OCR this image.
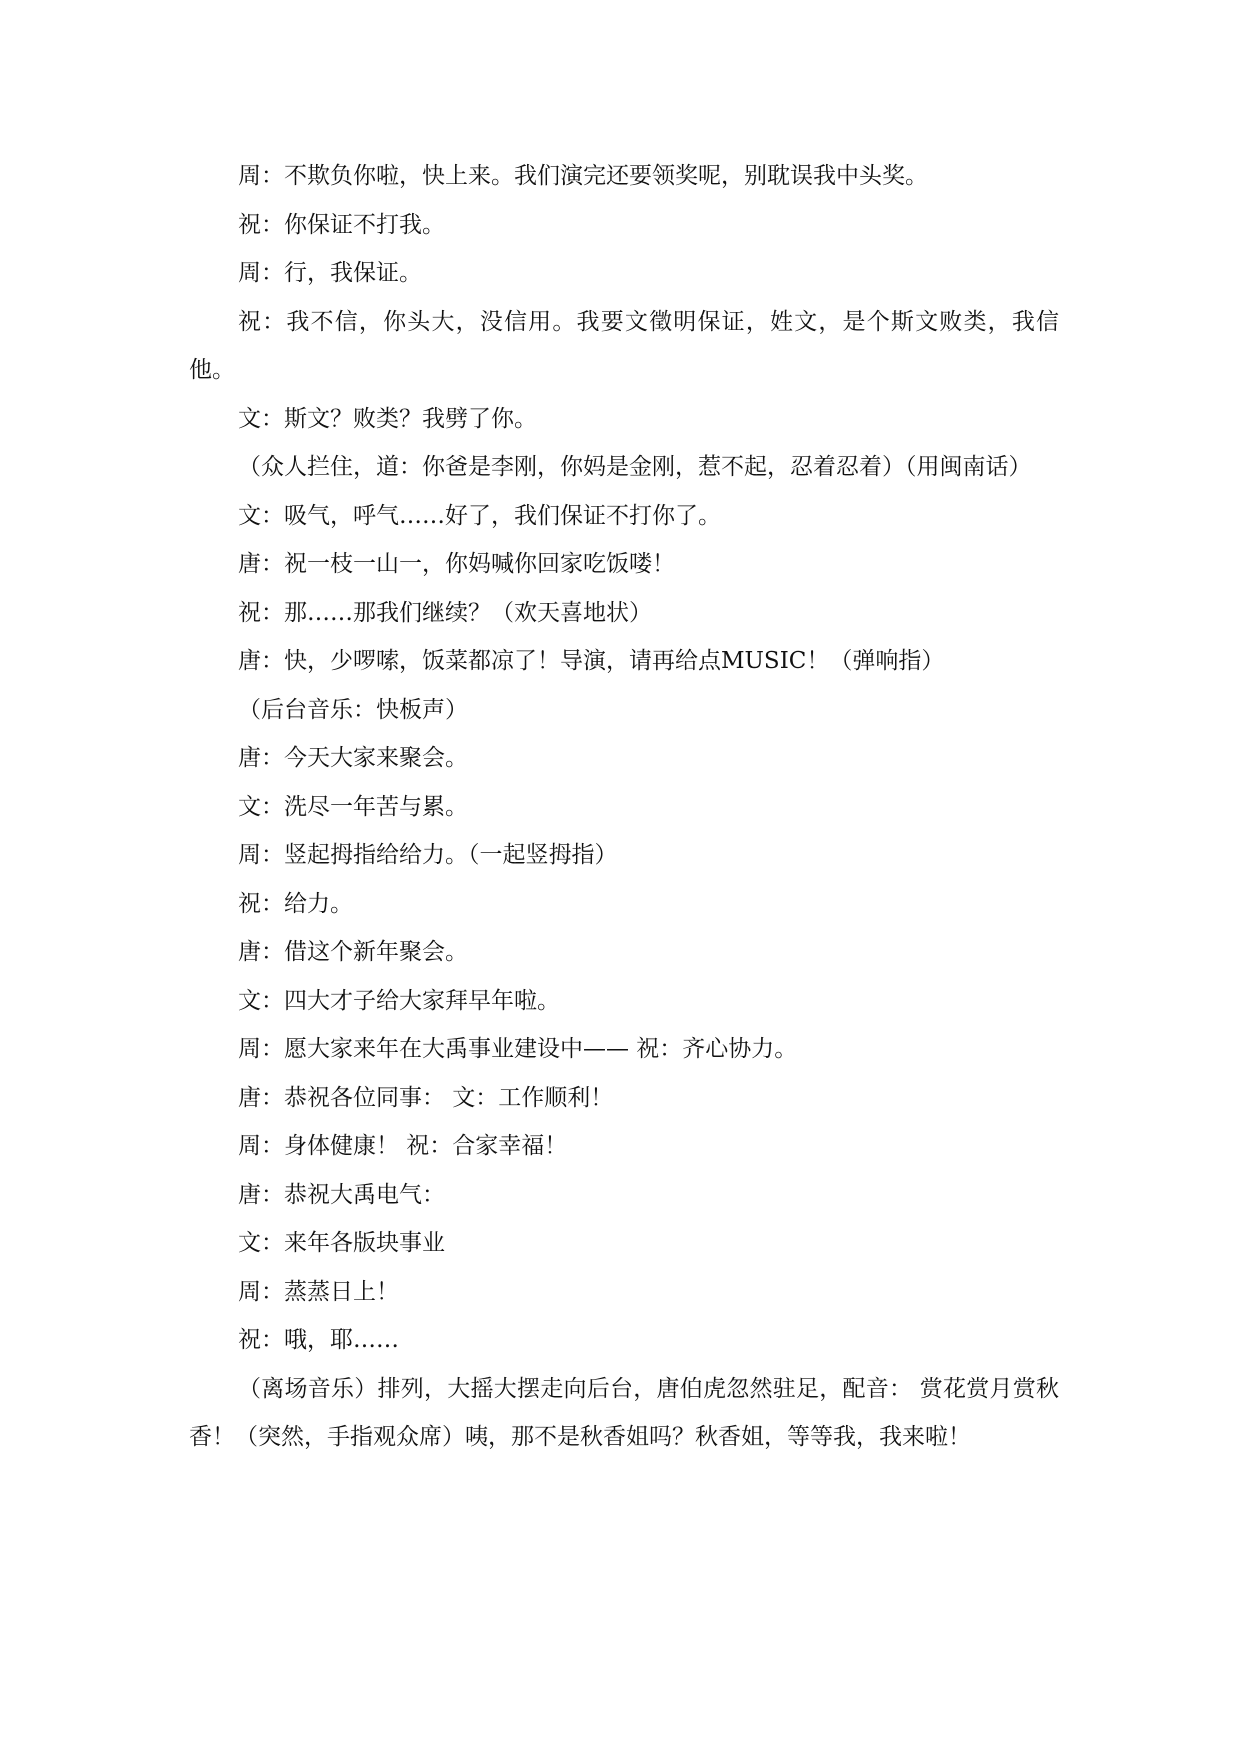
周：不欺负你啦，快上来。我们演完还要领奖呢，别耽误我中头奖。

祝：你保证不打我。

周：行，我保证。

祝：我不信，你头大，没信用。我要文徵明保证，姓文，是个斯文败类，我信他。

文：斯文？败类？我劈了你。

（众人拦住，道：你爸是李刚，你妈是金刚，惹不起，忍着忍着）（用闽南话）

文：吸气，呼气……好了，我们保证不打你了。

唐：祝一枝一山一，你妈喊你回家吃饭喽！

祝：那……那我们继续？（欢天喜地状）

唐：快，少啰嗦，饭菜都凉了！导演，请再给点MUSIC！（弹响指）

（后台音乐：快板声）

唐：今天大家来聚会。

文：洗尽一年苦与累。

周：竖起拇指给给力。（一起竖拇指）

祝：给力。

唐：借这个新年聚会。

文：四大才子给大家拜早年啦。

周：愿大家来年在大禹事业建设中—— 祝：齐心协力。

唐：恭祝各位同事： 文：工作顺利！

周：身体健康！ 祝：合家幸福！

唐：恭祝大禹电气：

文：来年各版块事业

周：蒸蒸日上！

祝：哦，耶……

（离场音乐）排列，大摇大摆走向后台，唐伯虎忽然驻足，配音： 赏花赏月赏秋香！（突然，手指观众席）咦，那不是秋香姐吗？秋香姐，等等我，我来啦！
